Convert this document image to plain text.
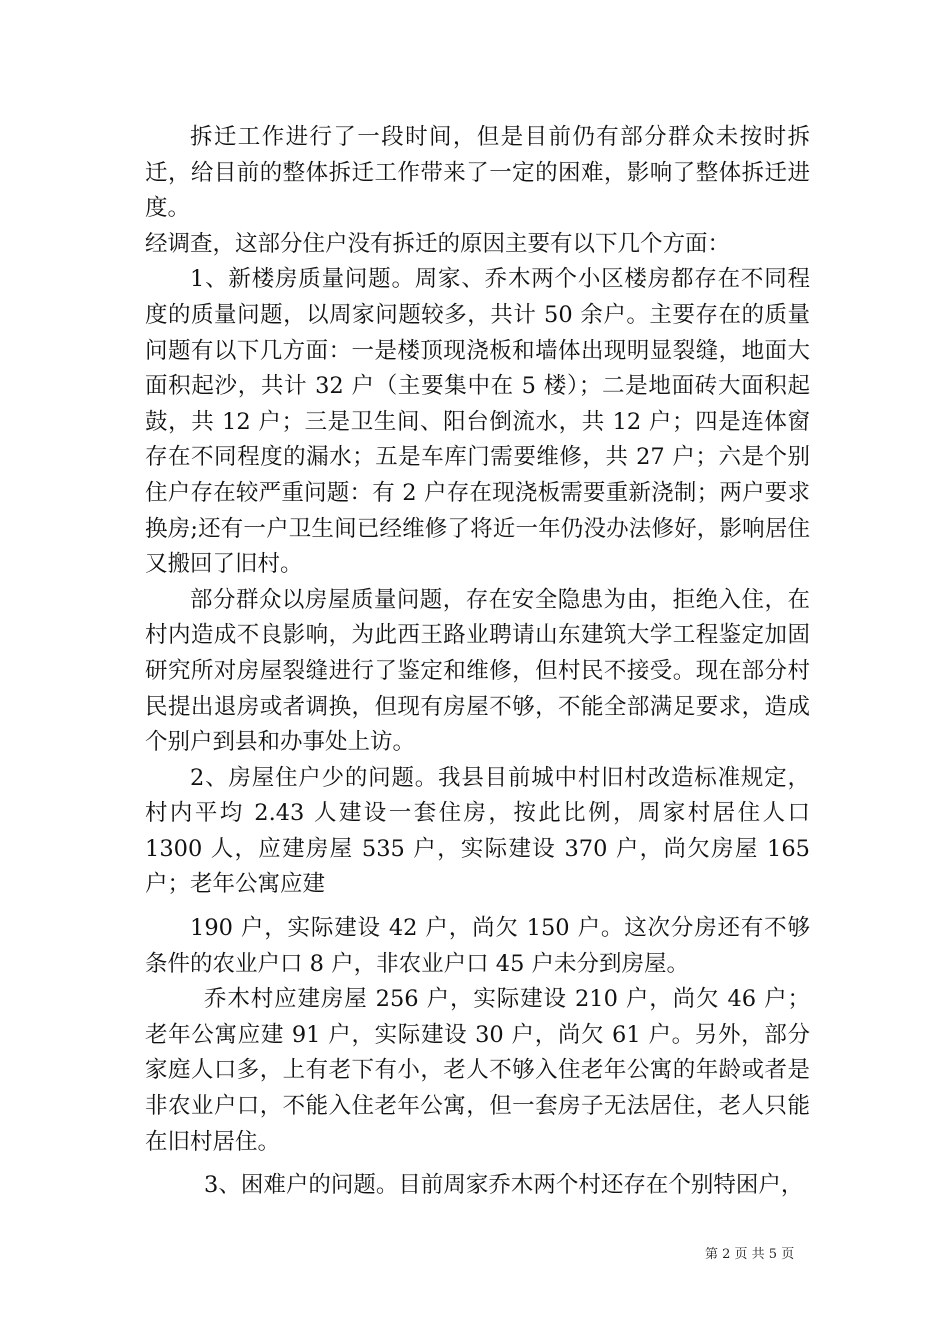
拆迁工作进行了一段时间，但是目前仍有部分群众未按时拆迁，给目前的整体拆迁工作带来了一定的困难，影响了整体拆迁进度。

经调查，这部分住户没有拆迁的原因主要有以下几个方面：

1、新楼房质量问题。周家、乔木两个小区楼房都存在不同程度的质量问题，以周家问题较多，共计 50 余户。主要存在的质量问题有以下几方面：一是楼顶现浇板和墙体出现明显裂缝，地面大面积起沙，共计 32 户（主要集中在 5 楼）；二是地面砖大面积起鼓，共 12 户；三是卫生间、阳台倒流水，共 12 户；四是连体窗存在不同程度的漏水；五是车库门需要维修，共 27 户；六是个别住户存在较严重问题：有 2 户存在现浇板需要重新浇制；两户要求换房;还有一户卫生间已经维修了将近一年仍没办法修好，影响居住又搬回了旧村。

部分群众以房屋质量问题，存在安全隐患为由，拒绝入住，在村内造成不良影响，为此西王路业聘请山东建筑大学工程鉴定加固研究所对房屋裂缝进行了鉴定和维修，但村民不接受。现在部分村民提出退房或者调换，但现有房屋不够，不能全部满足要求，造成个别户到县和办事处上访。

2、房屋住户少的问题。我县目前城中村旧村改造标准规定，村内平均 2.43 人建设一套住房，按此比例，周家村居住人口 1300 人，应建房屋 535 户，实际建设 370 户，尚欠房屋 165 户；老年公寓应建

190 户，实际建设 42 户，尚欠 150 户。这次分房还有不够条件的农业户口 8 户，非农业户口 45 户未分到房屋。

乔木村应建房屋 256 户，实际建设 210 户，尚欠 46 户；老年公寓应建 91 户，实际建设 30 户，尚欠 61 户。另外，部分家庭人口多，上有老下有小，老人不够入住老年公寓的年龄或者是非农业户口，不能入住老年公寓，但一套房子无法居住，老人只能在旧村居住。

3、困难户的问题。目前周家乔木两个村还存在个别特困户，

第 2 页 共 5 页
